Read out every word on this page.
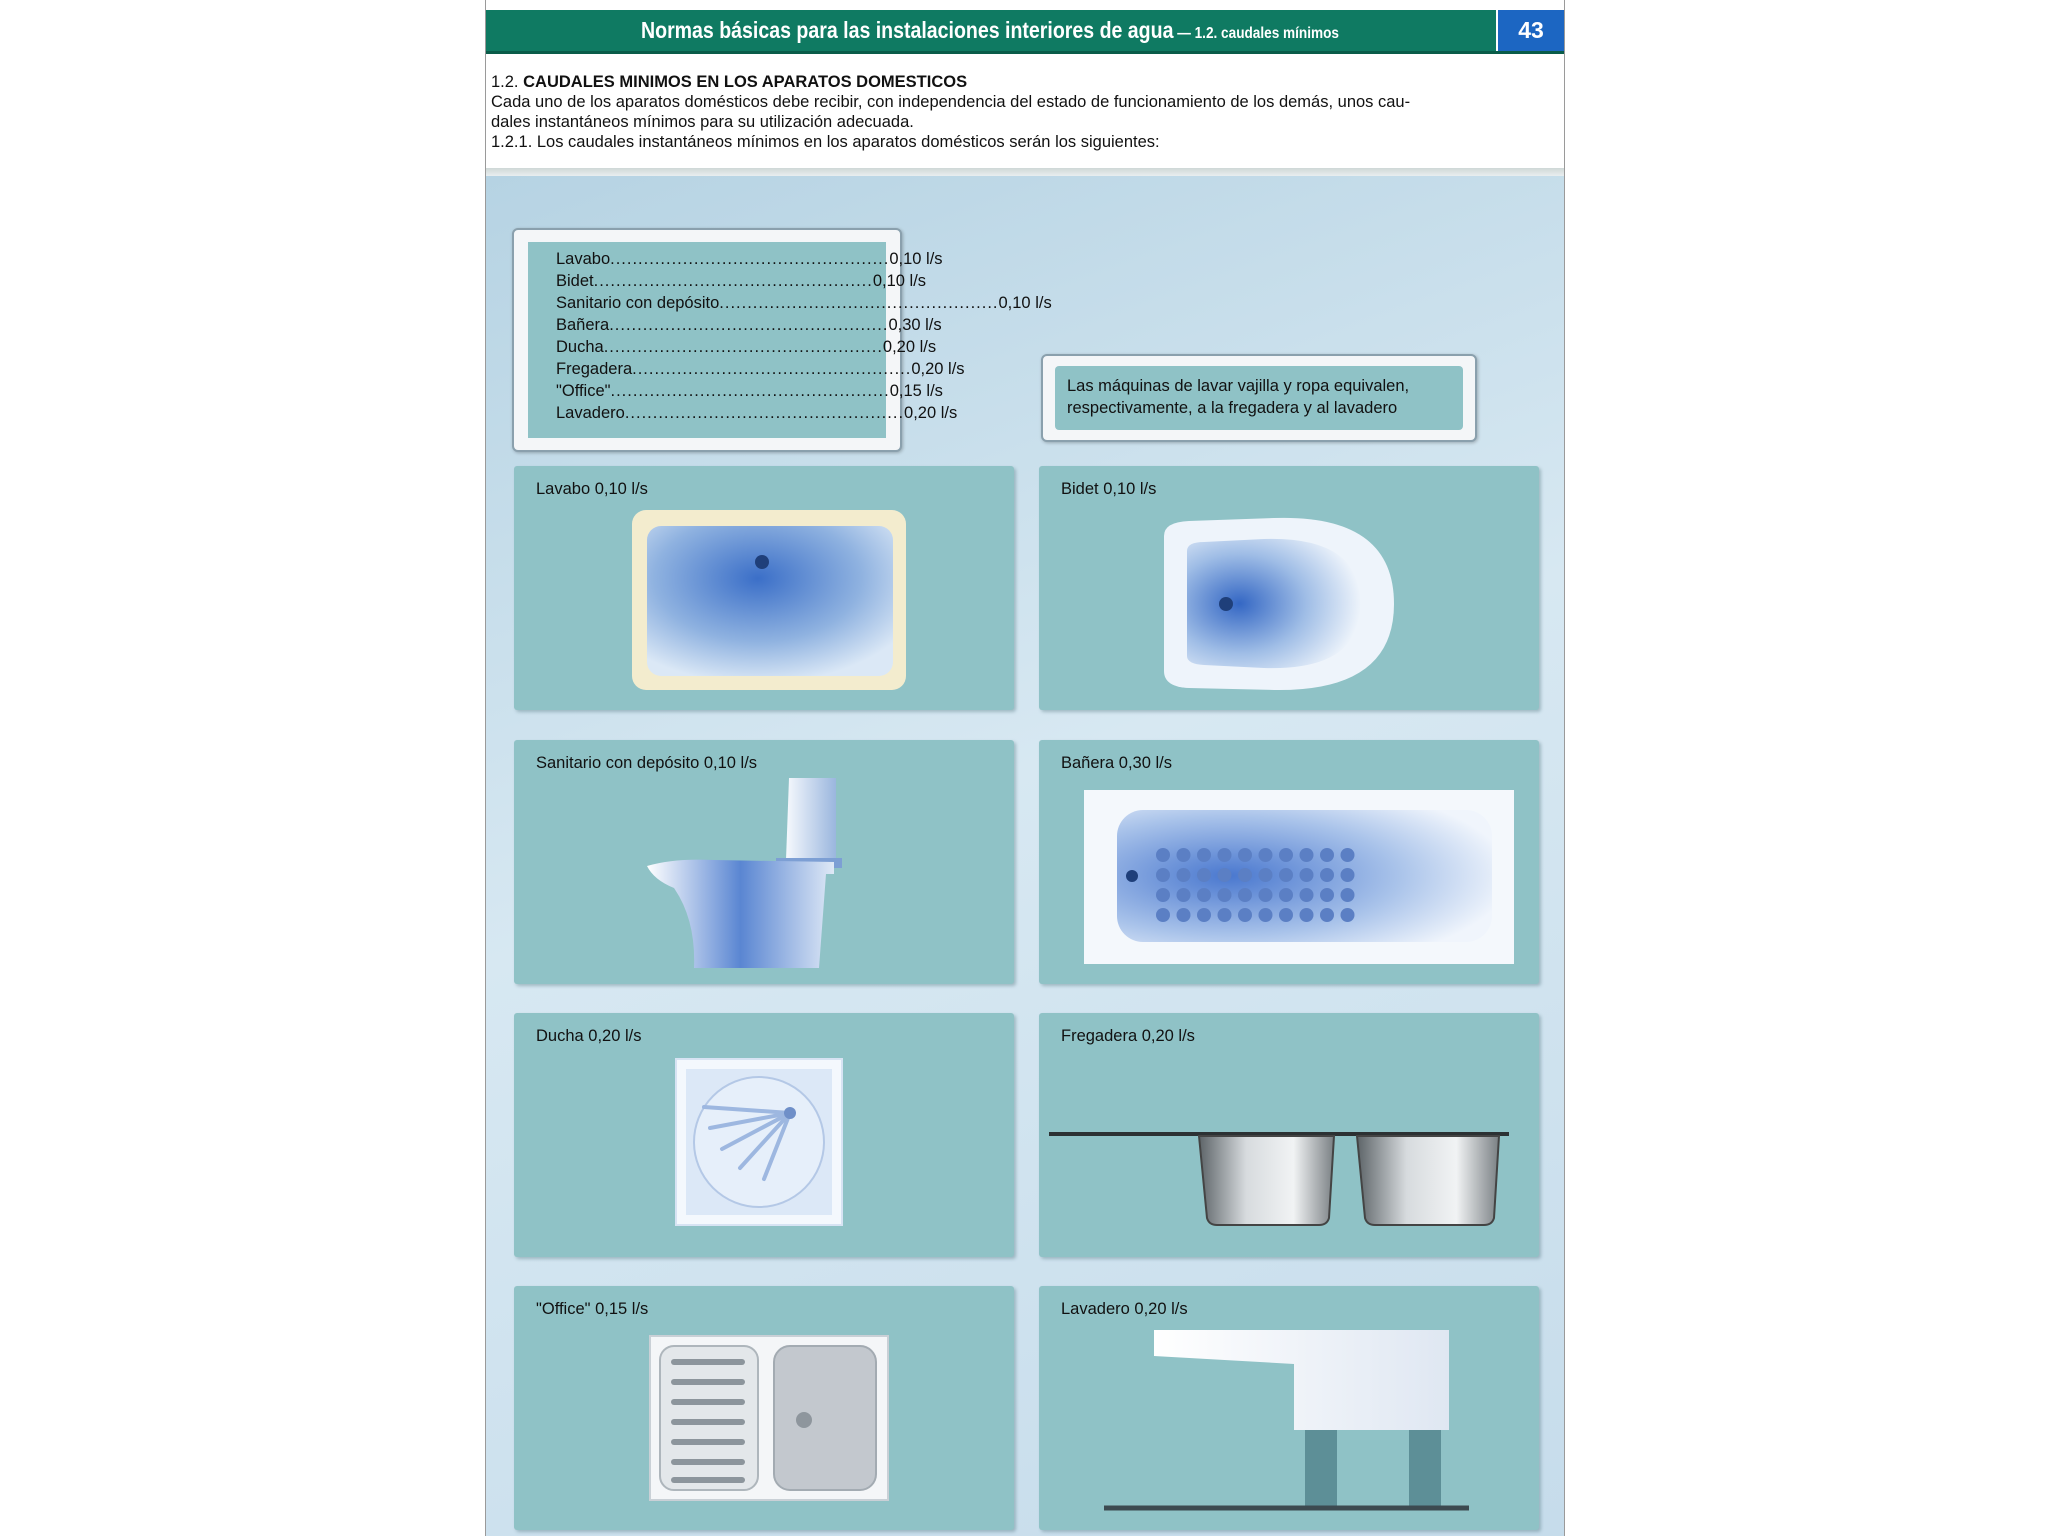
Normas básicas para las instalaciones interiores de agua — 1.2. caudales mínimos	43
1.2. CAUDALES MINIMOS EN LOS APARATOS DOMESTICOS
Cada uno de los aparatos domésticos debe recibir, con independencia del estado de funcionamiento de los demás, unos cau-
dales instantáneos mínimos para su utilización adecuada.
1.2.1. Los caudales instantáneos mínimos en los aparatos domésticos serán los siguientes:
Lavabo .................................................. 0,10 l/s
Bidet .................................................. 0,10 l/s
Sanitario con depósito .................................................. 0,10 l/s
Bañera .................................................. 0,30 l/s
Ducha .................................................. 0,20 l/s
Fregadera .................................................. 0,20 l/s
"Office" .................................................. 0,15 l/s
Lavadero .................................................. 0,20 l/s
Las máquinas de lavar vajilla y ropa equivalen,
respectivamente, a la fregadera y al lavadero
Lavabo 0,10 l/s	Bidet 0,10 l/s
Sanitario con depósito 0,10 l/s	Bañera 0,30 l/s
Ducha 0,20 l/s	Fregadera 0,20 l/s
"Office" 0,15 l/s	Lavadero 0,20 l/s
